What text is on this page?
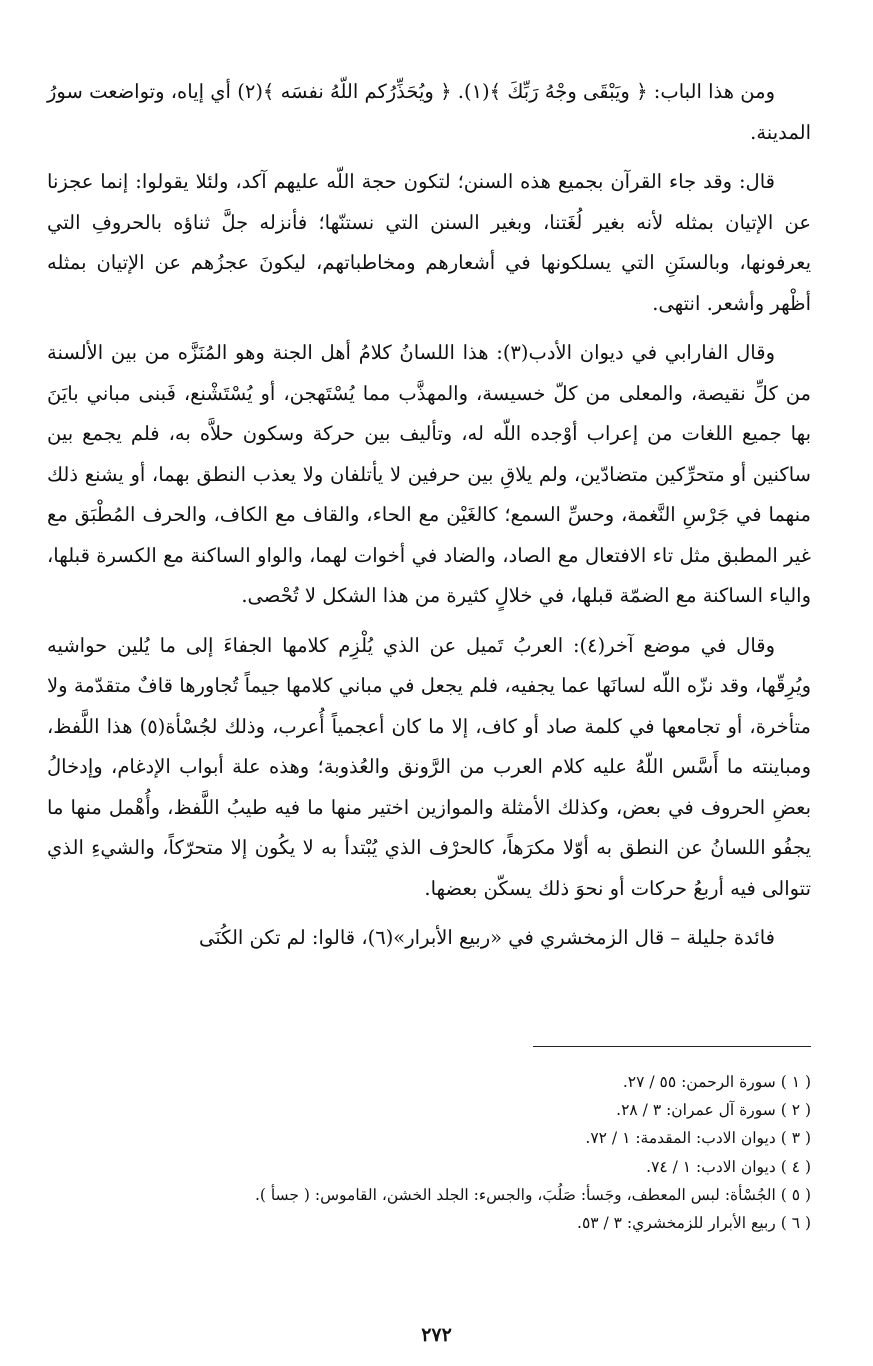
ومن هذا الباب: ﴿ ويَبْقَى وجْهُ رَبِّكَ ﴾(١). ﴿ ويُحَذِّرُكم اللّهُ نفسَه ﴾(٢) أي إياه، وتواضعت سورُ المدينة.

قال: وقد جاء القرآن بجميع هذه السنن؛ لتكون حجة اللّه عليهم آكد، ولئلا يقولوا: إنما عجزنا عن الإتيان بمثله لأنه بغير لُغَتنا، وبغير السنن التي نستنّها؛ فأنزله جلَّ ثناؤه بالحروفِ التي يعرفونها، وبالسنَنِ التي يسلكونها في أشعارهم ومخاطباتهم، ليكونَ عجزُهم عن الإتيان بمثله أظْهر وأشعر. انتهى.

وقال الفارابي في ديوان الأدب(٣): هذا اللسانُ كلامُ أهل الجنة وهو المُنَزَّه من بين الألسنة من كلِّ نقيصة، والمعلى من كلّ خسيسة، والمهذَّب مما يُسْتَهجن، أو يُسْتَشْنع، فَبنى مباني بايَنَ بها جميع اللغات من إعراب أوْجده اللّه له، وتأليف بين حركة وسكون حلاَّه به، فلم يجمع بين ساكنين أو متحرِّكين متضادّين، ولم يلاقِ بين حرفين لا يأتلفان ولا يعذب النطق بهما، أو يشنع ذلك منهما في جَرْسِ النَّغمة، وحسِّ السمع؛ كالغَيْن مع الحاء، والقاف مع الكاف، والحرف المُطْبَق مع غير المطبق مثل تاء الافتعال مع الصاد، والضاد في أخوات لهما، والواو الساكنة مع الكسرة قبلها، والياء الساكنة مع الضمّة قبلها، في خلالٍ كثيرة من هذا الشكل لا تُحْصى.

وقال في موضع آخر(٤): العربُ تَميل عن الذي يُلْزِم كلامها الجفاءَ إلى ما يُلين حواشيه ويُرِقّها، وقد نزّه اللّه لسانَها عما يجفيه، فلم يجعل في مباني كلامها جيماً تُجاورها قافٌ متقدّمة ولا متأخرة، أو تجامعها في كلمة صاد أو كاف، إلا ما كان أعجمياً أُعرب، وذلك لجُسْأة(٥) هذا اللَّفظ، ومباينته ما أَسَّس اللّهُ عليه كلام العرب من الرَّونق والعُذوبة؛ وهذه علة أبواب الإدغام، وإدخالُ بعضِ الحروف في بعض، وكذلك الأمثلة والموازين اختير منها ما فيه طيبُ اللَّفظ، وأُهْمل منها ما يجفُو اللسانُ عن النطق به أوّلا مكرَهاً، كالحرْف الذي يُبْتدأ به لا يكُون إلا متحرّكاً، والشيءِ الذي تتوالى فيه أربعُ حركات أو نحوَ ذلك يسكّن بعضها.

فائدة جليلة – قال الزمخشري في «ربيع الأبرار»(٦)، قالوا: لم تكن الكُنَى

( ١ ) سورة الرحمن: ٥٥ / ٢٧.

( ٢ ) سورة آل عمران: ٣ / ٢٨.

( ٣ ) ديوان الادب: المقدمة: ١ / ٧٢.

( ٤ ) ديوان الادب: ١ / ٧٤.

( ٥ ) الجُسْأة: لبس المعطف، وجَسأ: صَلُبَ، والجسء: الجلد الخشن، القاموس: ( جسأ ).

( ٦ ) ربيع الأبرار للزمخشري: ٣ / ٥٣.

٢٧٢
